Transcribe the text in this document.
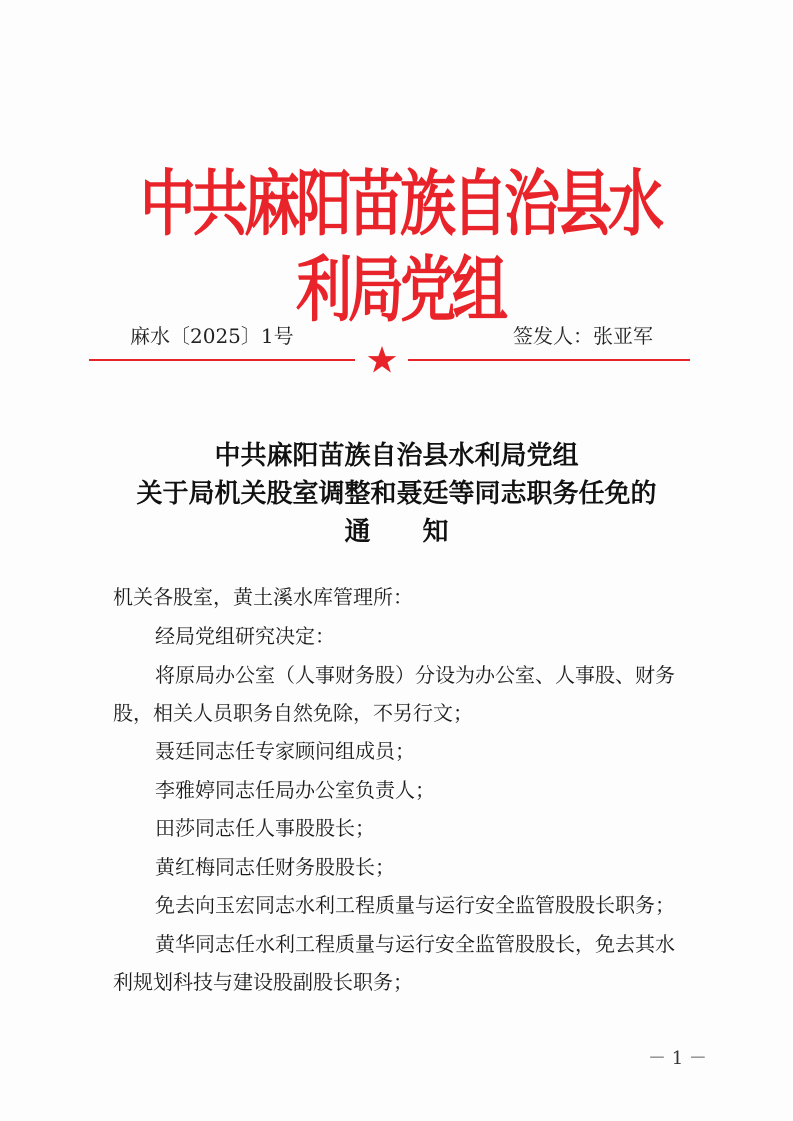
中共麻阳苗族自治县水利局党组
麻水〔2025〕1号	签发人：张亚军
中共麻阳苗族自治县水利局党组
关于局机关股室调整和聂廷等同志职务任免的
通知
机关各股室，黄土溪水库管理所：
经局党组研究决定：
将原局办公室（人事财务股）分设为办公室、人事股、财务
股，相关人员职务自然免除，不另行文；
聂廷同志任专家顾问组成员；
李雅婷同志任局办公室负责人；
田莎同志任人事股股长；
黄红梅同志任财务股股长；
免去向玉宏同志水利工程质量与运行安全监管股股长职务；
黄华同志任水利工程质量与运行安全监管股股长，免去其水
利规划科技与建设股副股长职务；
－ 1 －
